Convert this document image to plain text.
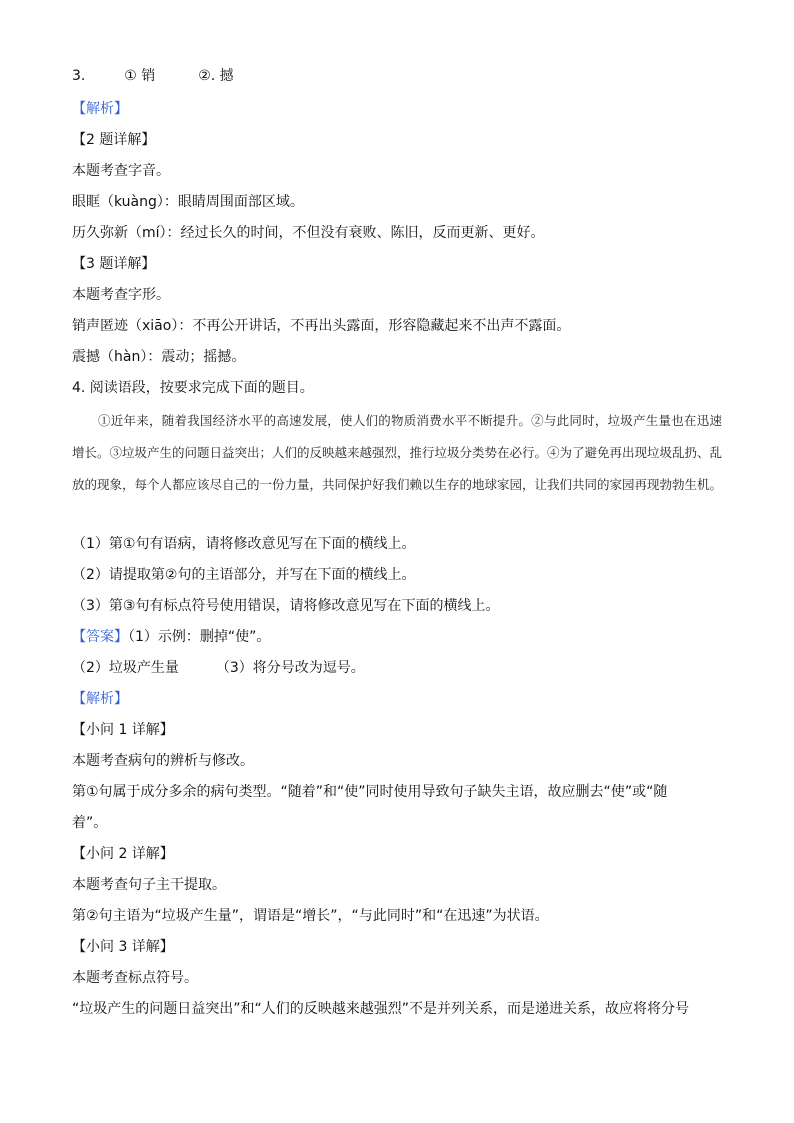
3.	① 销	②. 撼
【解析】
【2 题详解】
本题考查字音。
眼眶（kuàng）：眼睛周围面部区域。
历久弥新（mí）：经过长久的时间，不但没有衰败、陈旧，反而更新、更好。
【3 题详解】
本题考查字形。
销声匿迹（xiāo）：不再公开讲话，不再出头露面，形容隐藏起来不出声不露面。
震撼（hàn）：震动；摇撼。
4. 阅读语段，按要求完成下面的题目。
①近年来，随着我国经济水平的高速发展，使人们的物质消费水平不断提升。②与此同时，垃圾产生量也在迅速增长。③垃圾产生的问题日益突出；人们的反映越来越强烈，推行垃圾分类势在必行。④为了避免再出现垃圾乱扔、乱放的现象，每个人都应该尽自己的一份力量，共同保护好我们赖以生存的地球家园，让我们共同的家园再现勃勃生机。
（1）第①句有语病，请将修改意见写在下面的横线上。
（2）请提取第②句的主语部分，并写在下面的横线上。
（3）第③句有标点符号使用错误，请将修改意见写在下面的横线上。
【答案】（1）示例：删掉“使”。
（2）垃圾产生量	（3）将分号改为逗号。
【解析】
【小问 1 详解】
本题考查病句的辨析与修改。
第①句属于成分多余的病句类型。“随着”和“使”同时使用导致句子缺失主语，故应删去“使”或“随
着”。
【小问 2 详解】
本题考查句子主干提取。
第②句主语为“垃圾产生量”，谓语是“增长”，“与此同时”和“在迅速”为状语。
【小问 3 详解】
本题考查标点符号。
“垃圾产生的问题日益突出”和“人们的反映越来越强烈”不是并列关系，而是递进关系，故应将将分号
